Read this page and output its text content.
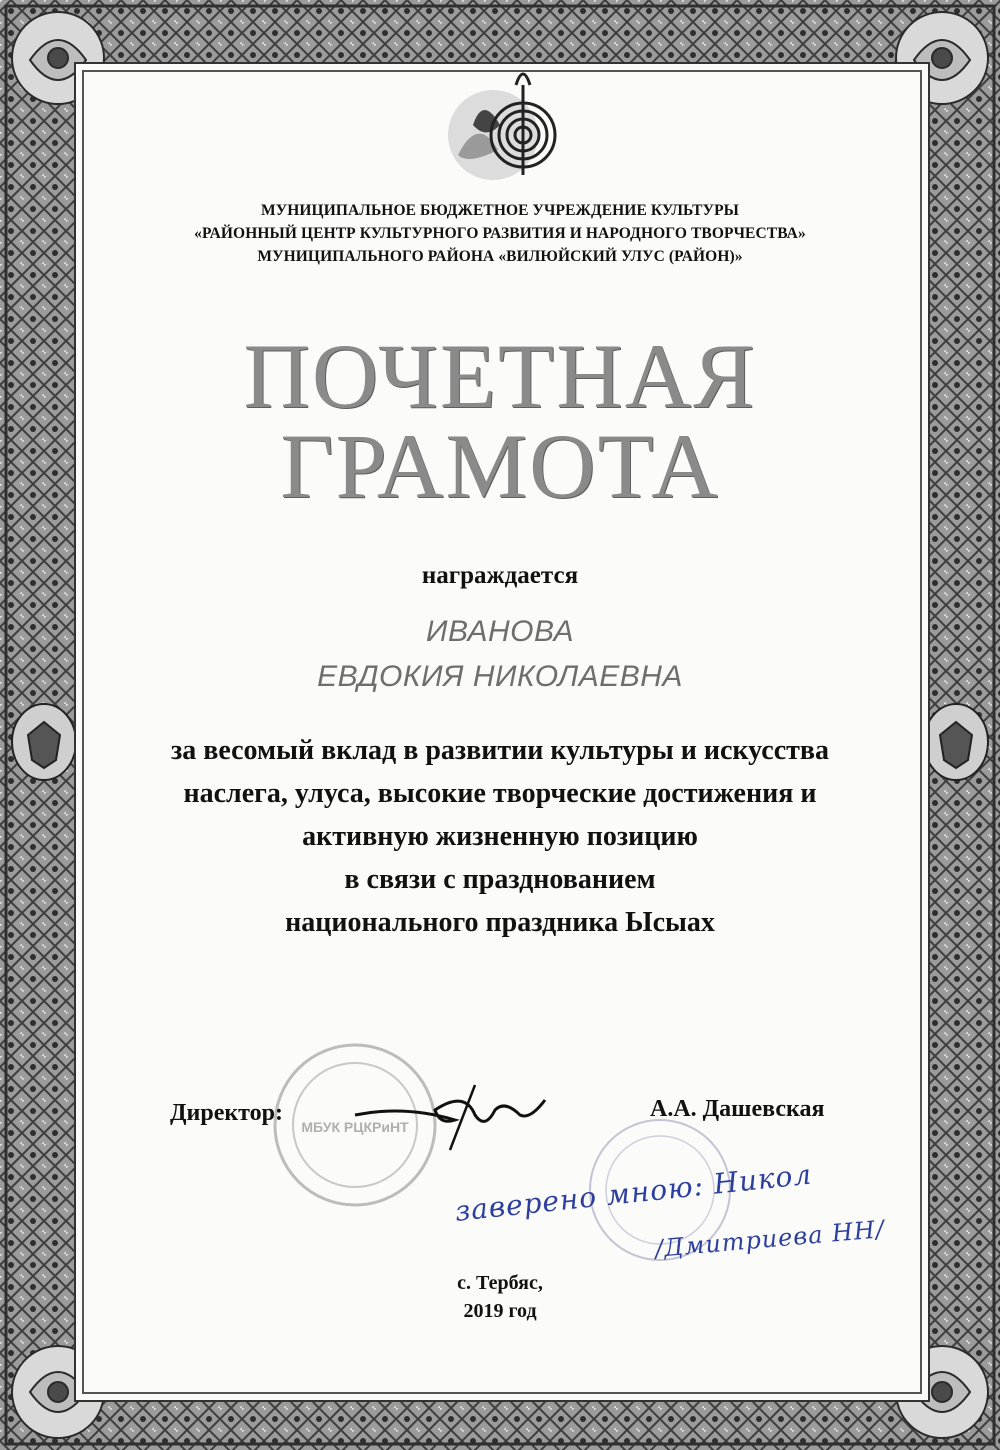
МУНИЦИПАЛЬНОЕ БЮДЖЕТНОЕ УЧРЕЖДЕНИЕ КУЛЬТУРЫ
«РАЙОННЫЙ ЦЕНТР КУЛЬТУРНОГО РАЗВИТИЯ И НАРОДНОГО ТВОРЧЕСТВА»
МУНИЦИПАЛЬНОГО РАЙОНА «ВИЛЮЙСКИЙ УЛУС (РАЙОН)»
ПОЧЕТНАЯ
ГРАМОТА
награждается
ИВАНОВА
ЕВДОКИЯ НИКОЛАЕВНА
за весомый вклад в развитии культуры и искусства
наслега, улуса, высокие творческие достижения и
активную жизненную позицию
в связи с празднованием
национального праздника Ысыах
МБУК РЦКРиНТ
Директор:	А.А. Дашевская
заверено мною: Никол
/Дмитриева НН/
с. Тербяс,
2019 год
